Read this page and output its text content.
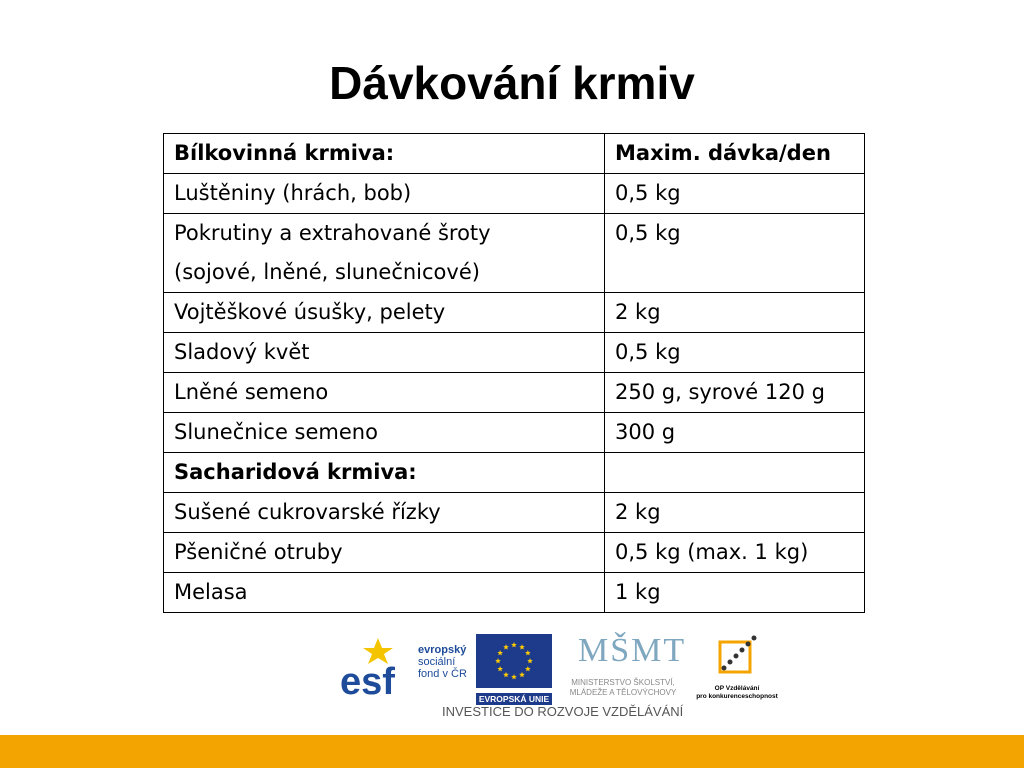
Dávkování krmiv
Bílkovinná krmiva:	Maxim. dávka/den

Luštěniny (hrách, bob)	0,5 kg

Pokrutiny a extrahované šroty
(sojové, lněné, slunečnicové)	0,5 kg

Vojtěškové úsušky, pelety	2 kg

Sladový květ	0,5 kg

Lněné semeno	250 g, syrové 120 g

Slunečnice semeno	300 g

Sacharidová krmiva:	

Sušené cukrovarské řízky	2 kg

Pšeničné otruby	0,5 kg (max. 1 kg)

Melasa	1 kg
esf
evropský
sociální
fond v ČR
EVROPSKÁ UNIE
MŠMT
MINISTERSTVO ŠKOLSTVÍ,
MLÁDEŽE A TĚLOVÝCHOVY	OP Vzdělávání
pro konkurenceschopnost
INVESTICE DO ROZVOJE VZDĚLÁVÁNÍ
